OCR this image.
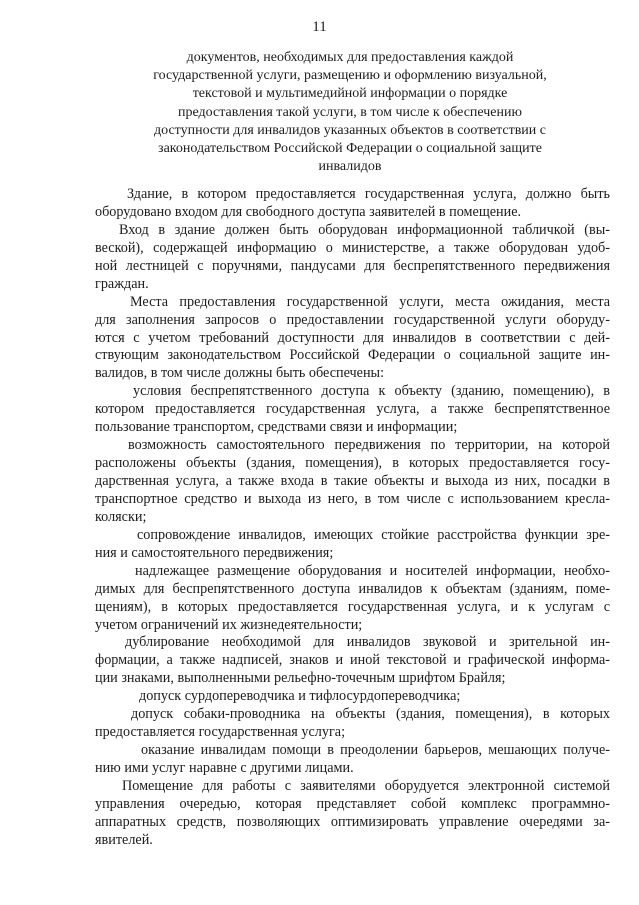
11
документов, необходимых для предоставления каждой
государственной услуги, размещению и оформлению визуальной,
текстовой и мультимедийной информации о порядке
предоставления такой услуги, в том числе к обеспечению
доступности для инвалидов указанных объектов в соответствии с
законодательством Российской Федерации о социальной защите
инвалидов
Здание, в котором предоставляется государственная услуга, должно быть
оборудовано входом для свободного доступа заявителей в помещение.
Вход в здание должен быть оборудован информационной табличкой (вы-
веской), содержащей информацию о министерстве, а также оборудован удоб-
ной лестницей с поручнями, пандусами для беспрепятственного передвижения
граждан.
Места предоставления государственной услуги, места ожидания, места
для заполнения запросов о предоставлении государственной услуги оборуду-
ются с учетом требований доступности для инвалидов в соответствии с дей-
ствующим законодательством Российской Федерации о социальной защите ин-
валидов, в том числе должны быть обеспечены:
условия беспрепятственного доступа к объекту (зданию, помещению), в
котором предоставляется государственная услуга, а также беспрепятственное
пользование транспортом, средствами связи и информации;
возможность самостоятельного передвижения по территории, на которой
расположены объекты (здания, помещения), в которых предоставляется госу-
дарственная услуга, а также входа в такие объекты и выхода из них, посадки в
транспортное средство и выхода из него, в том числе с использованием кресла-
коляски;
сопровождение инвалидов, имеющих стойкие расстройства функции зре-
ния и самостоятельного передвижения;
надлежащее размещение оборудования и носителей информации, необхо-
димых для беспрепятственного доступа инвалидов к объектам (зданиям, поме-
щениям), в которых предоставляется государственная услуга, и к услугам с
учетом ограничений их жизнедеятельности;
дублирование необходимой для инвалидов звуковой и зрительной ин-
формации, а также надписей, знаков и иной текстовой и графической информа-
ции знаками, выполненными рельефно-точечным шрифтом Брайля;
допуск сурдопереводчика и тифлосурдопереводчика;
допуск собаки-проводника на объекты (здания, помещения), в которых
предоставляется государственная услуга;
оказание инвалидам помощи в преодолении барьеров, мешающих получе-
нию ими услуг наравне с другими лицами.
Помещение для работы с заявителями оборудуется электронной системой
управления очередью, которая представляет собой комплекс программно-
аппаратных средств, позволяющих оптимизировать управление очередями за-
явителей.
